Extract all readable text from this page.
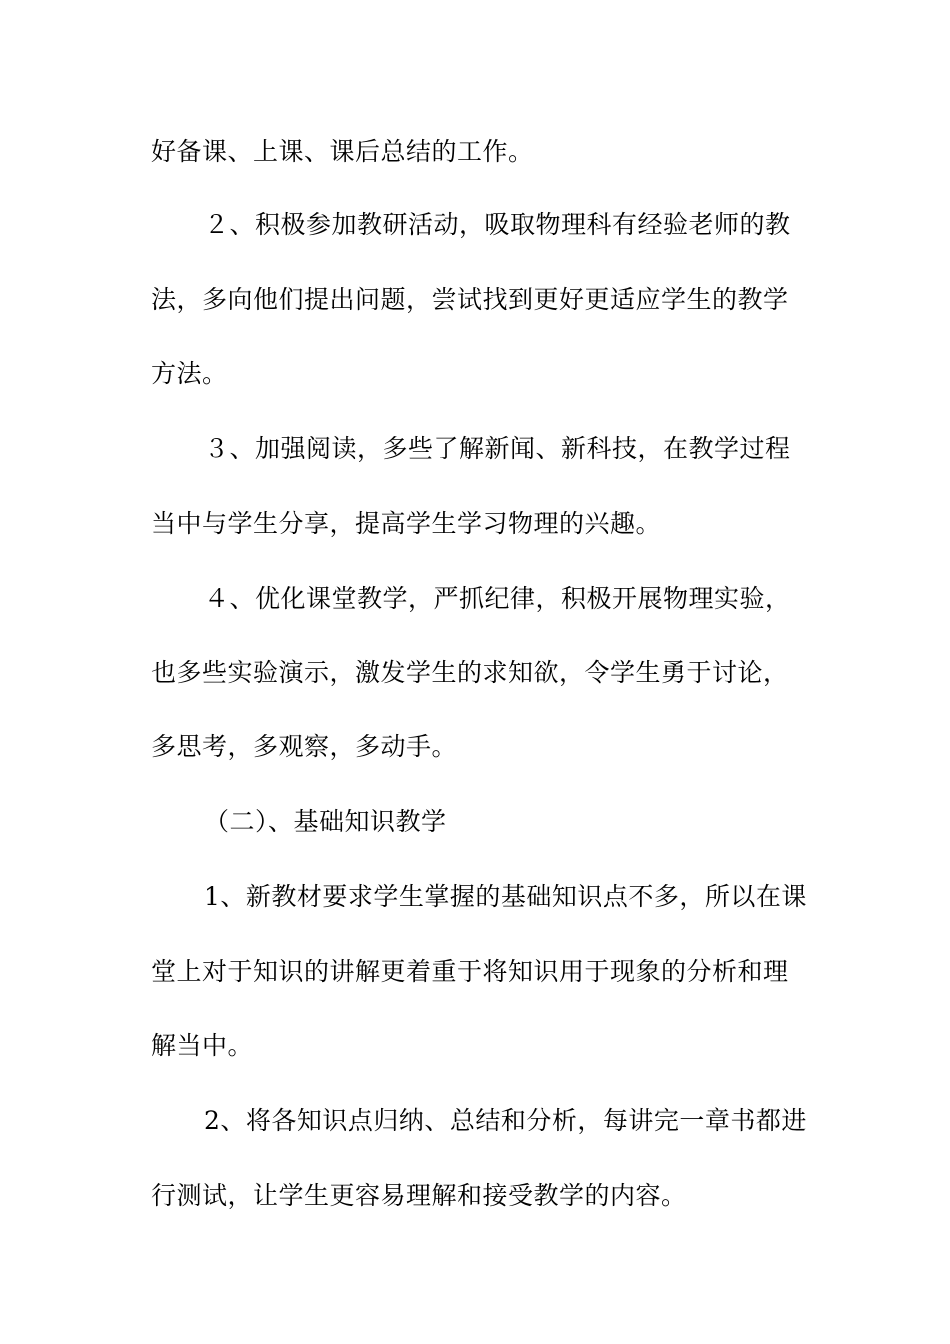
好备课、上课、课后总结的工作。
２、积极参加教研活动，吸取物理科有经验老师的教
法，多向他们提出问题，尝试找到更好更适应学生的教学
方法。
３、加强阅读，多些了解新闻、新科技，在教学过程
当中与学生分享，提高学生学习物理的兴趣。
４、优化课堂教学，严抓纪律，积极开展物理实验，
也多些实验演示，激发学生的求知欲，令学生勇于讨论，
多思考，多观察，多动手。
（二）、基础知识教学
1、新教材要求学生掌握的基础知识点不多，所以在课
堂上对于知识的讲解更着重于将知识用于现象的分析和理
解当中。
2、将各知识点归纳、总结和分析，每讲完一章书都进
行测试，让学生更容易理解和接受教学的内容。
